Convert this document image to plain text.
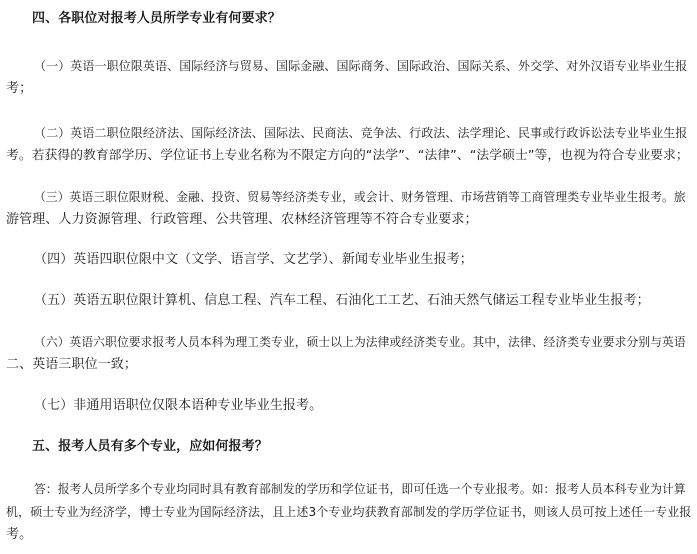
四、各职位对报考人员所学专业有何要求？
（一）英语一职位限英语、国际经济与贸易、国际金融、国际商务、国际政治、国际关系、外交学、对外汉语专业毕业生报
考；
（二）英语二职位限经济法、国际经济法、国际法、民商法、竞争法、行政法、法学理论、民事或行政诉讼法专业毕业生报
考。若获得的教育部学历、学位证书上专业名称为不限定方向的“法学”、“法律”、“法学硕士”等，也视为符合专业要求；
（三）英语三职位限财税、金融、投资、贸易等经济类专业，或会计、财务管理、市场营销等工商管理类专业毕业生报考。旅
游管理、人力资源管理、行政管理、公共管理、农林经济管理等不符合专业要求；
（四）英语四职位限中文（文学、语言学、文艺学）、新闻专业毕业生报考；
（五）英语五职位限计算机、信息工程、汽车工程、石油化工工艺、石油天然气储运工程专业毕业生报考；
（六）英语六职位要求报考人员本科为理工类专业，硕士以上为法律或经济类专业。其中，法律、经济类专业要求分别与英语
二、英语三职位一致；
（七）非通用语职位仅限本语种专业毕业生报考。
五、报考人员有多个专业，应如何报考？
答：报考人员所学多个专业均同时具有教育部制发的学历和学位证书，即可任选一个专业报考。如：报考人员本科专业为计算
机，硕士专业为经济学，博士专业为国际经济法，且上述3个专业均获教育部制发的学历学位证书，则该人员可按上述任一专业报
考。
